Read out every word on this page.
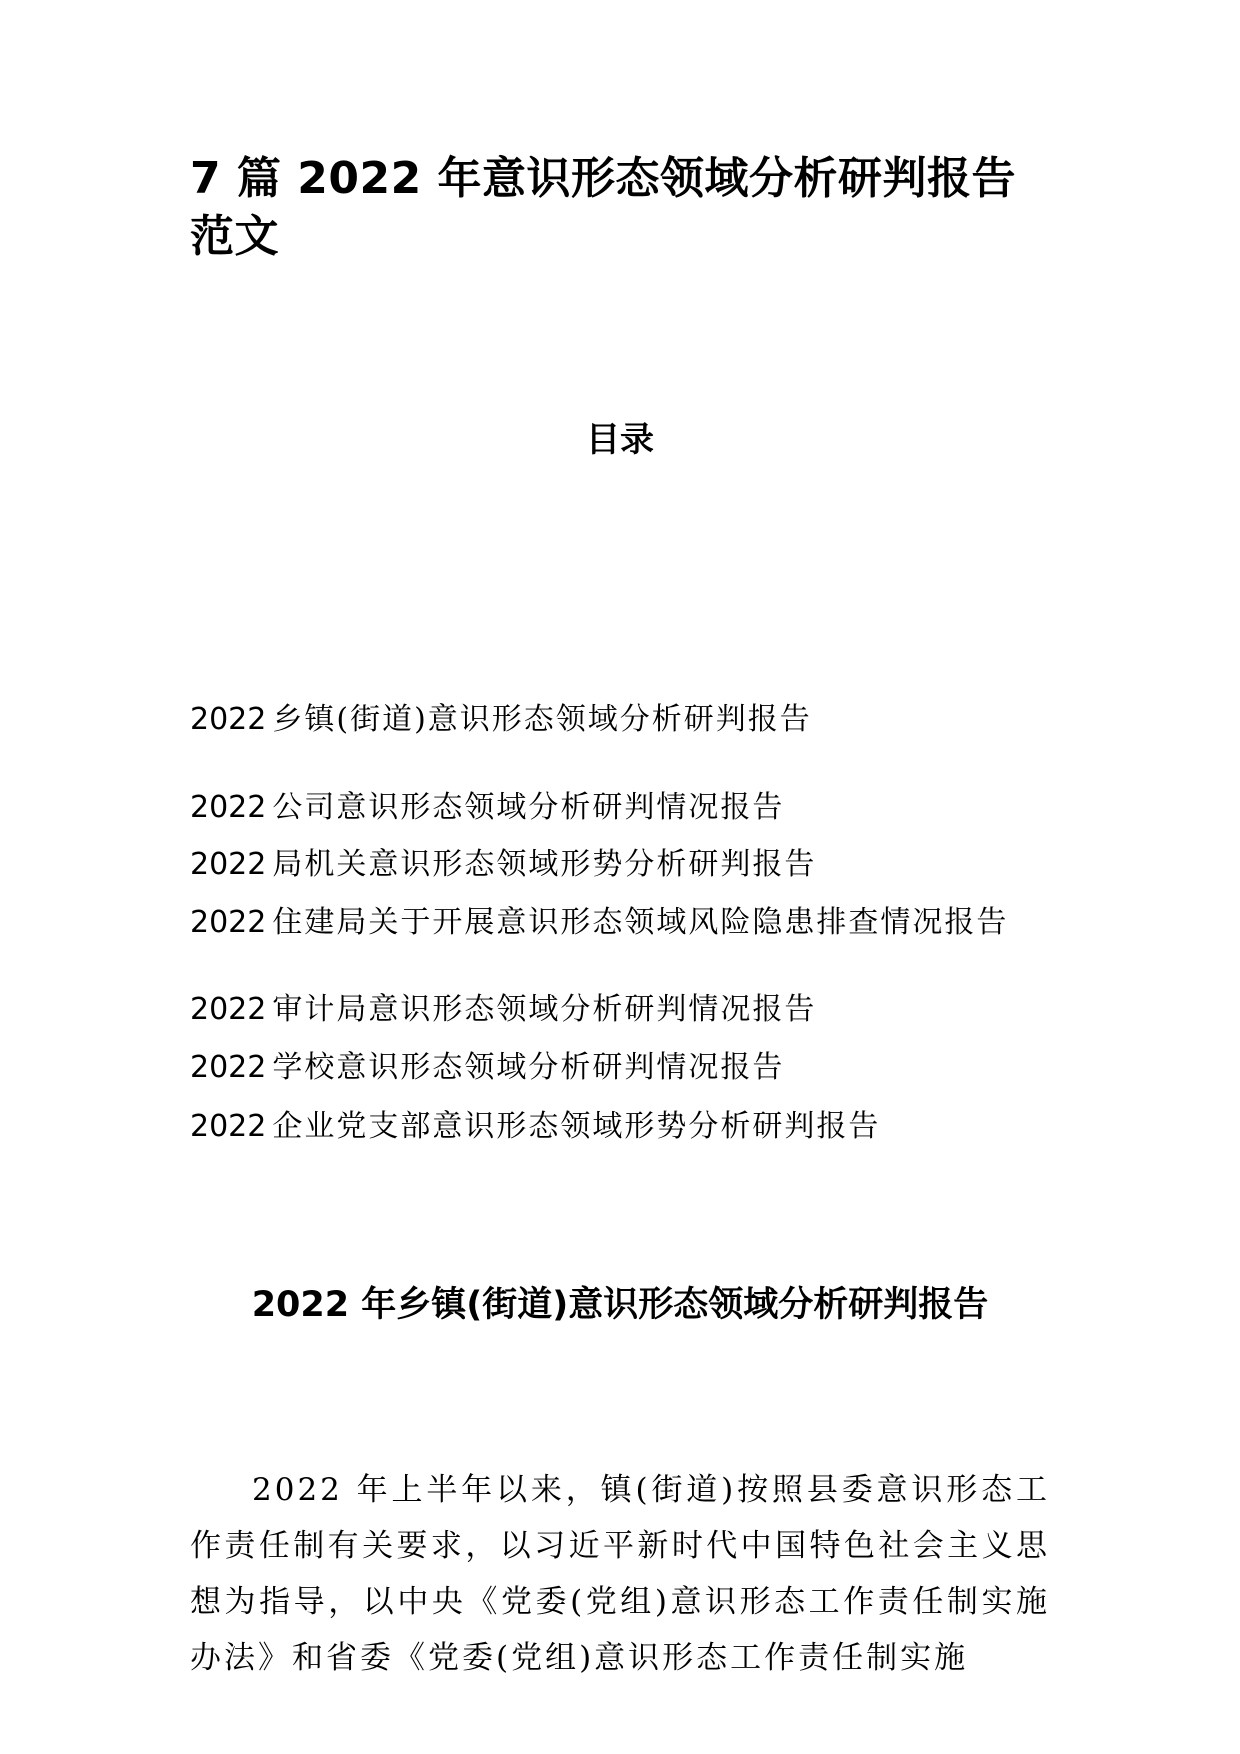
7 篇 2022 年意识形态领域分析研判报告范文
目录
2022 乡镇(街道)意识形态领域分析研判报告
2022 公司意识形态领域分析研判情况报告
2022 局机关意识形态领域形势分析研判报告
2022 住建局关于开展意识形态领域风险隐患排查情况报告
2022 审计局意识形态领域分析研判情况报告
2022 学校意识形态领域分析研判情况报告
2022 企业党支部意识形态领域形势分析研判报告
2022 年乡镇(街道)意识形态领域分析研判报告

2022 年上半年以来，镇(街道)按照县委意识形态工作责任制有关要求，以习近平新时代中国特色社会主义思想为指导，以中央《党委(党组)意识形态工作责任制实施办法》和省委《党委(党组)意识形态工作责任制实施
